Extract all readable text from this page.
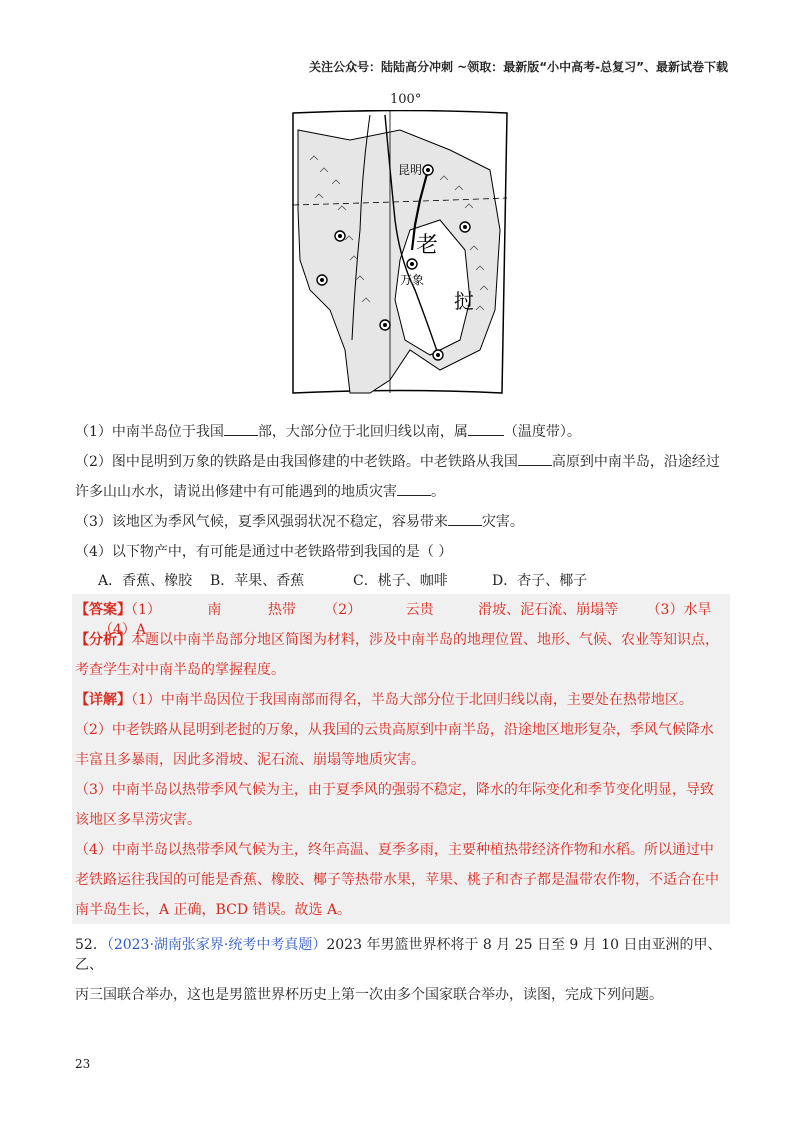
关注公众号：陆陆高分冲刺 ~领取：最新版“小中高考-总复习”、最新试卷下载
100°
昆明
老
万象
挝
（1）中南半岛位于我国 部，大部分位于北回归线以南，属	（温度带）。
（2）图中昆明到万象的铁路是由我国修建的中老铁路。中老铁路从我国 高原到中南半岛，沿途经过
许多山山水水，请说出修建中有可能遇到的地质灾害 。
（3）该地区为季风气候，夏季风强弱状况不稳定，容易带来 灾害。
（4）以下物产中，有可能是通过中老铁路带到我国的是（ ）
A．香蕉、橡胶 B．苹果、香蕉	C．桃子、咖啡	D．杏子、椰子
【答案】（1）	南	热带 （2）	云贵	滑坡、泥石流、崩塌等 （3）水旱 （4）A
【分析】本题以中南半岛部分地区简图为材料，涉及中南半岛的地理位置、地形、气候、农业等知识点，
考查学生对中南半岛的掌握程度。
【详解】（1）中南半岛因位于我国南部而得名，半岛大部分位于北回归线以南，主要处在热带地区。
（2）中老铁路从昆明到老挝的万象，从我国的云贵高原到中南半岛，沿途地区地形复杂，季风气候降水
丰富且多暴雨，因此多滑坡、泥石流、崩塌等地质灾害。
（3）中南半岛以热带季风气候为主，由于夏季风的强弱不稳定，降水的年际变化和季节变化明显，导致
该地区多旱涝灾害。
（4）中南半岛以热带季风气候为主，终年高温、夏季多雨，主要种植热带经济作物和水稻。所以通过中
老铁路运往我国的可能是香蕉、橡胶、椰子等热带水果，苹果、桃子和杏子都是温带农作物，不适合在中
南半岛生长，A 正确，BCD 错误。故选 A。
52．（2023·湖南张家界·统考中考真题）2023 年男篮世界杯将于 8 月 25 日至 9 月 10 日由亚洲的甲、乙、
丙三国联合举办，这也是男篮世界杯历史上第一次由多个国家联合举办，读图，完成下列问题。
23
